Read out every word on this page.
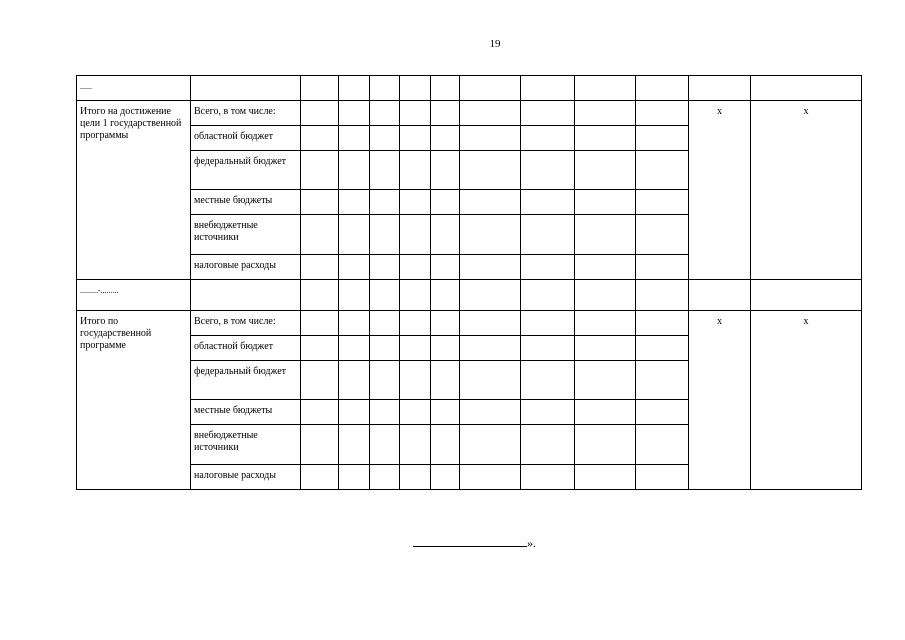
19
......												
Итого на достижение цели 1 государственной программы	Всего, в том числе:										x	x
	областной бюджет											
	федеральный бюджет											
	местные бюджеты											
	внебюджетные источники											
	налоговые расходы											
.........-.........												
Итого по государственной программе	Всего, в том числе:										x	x
	областной бюджет											
	федеральный бюджет											
	местные бюджеты											
	внебюджетные источники											
	налоговые расходы											
».
